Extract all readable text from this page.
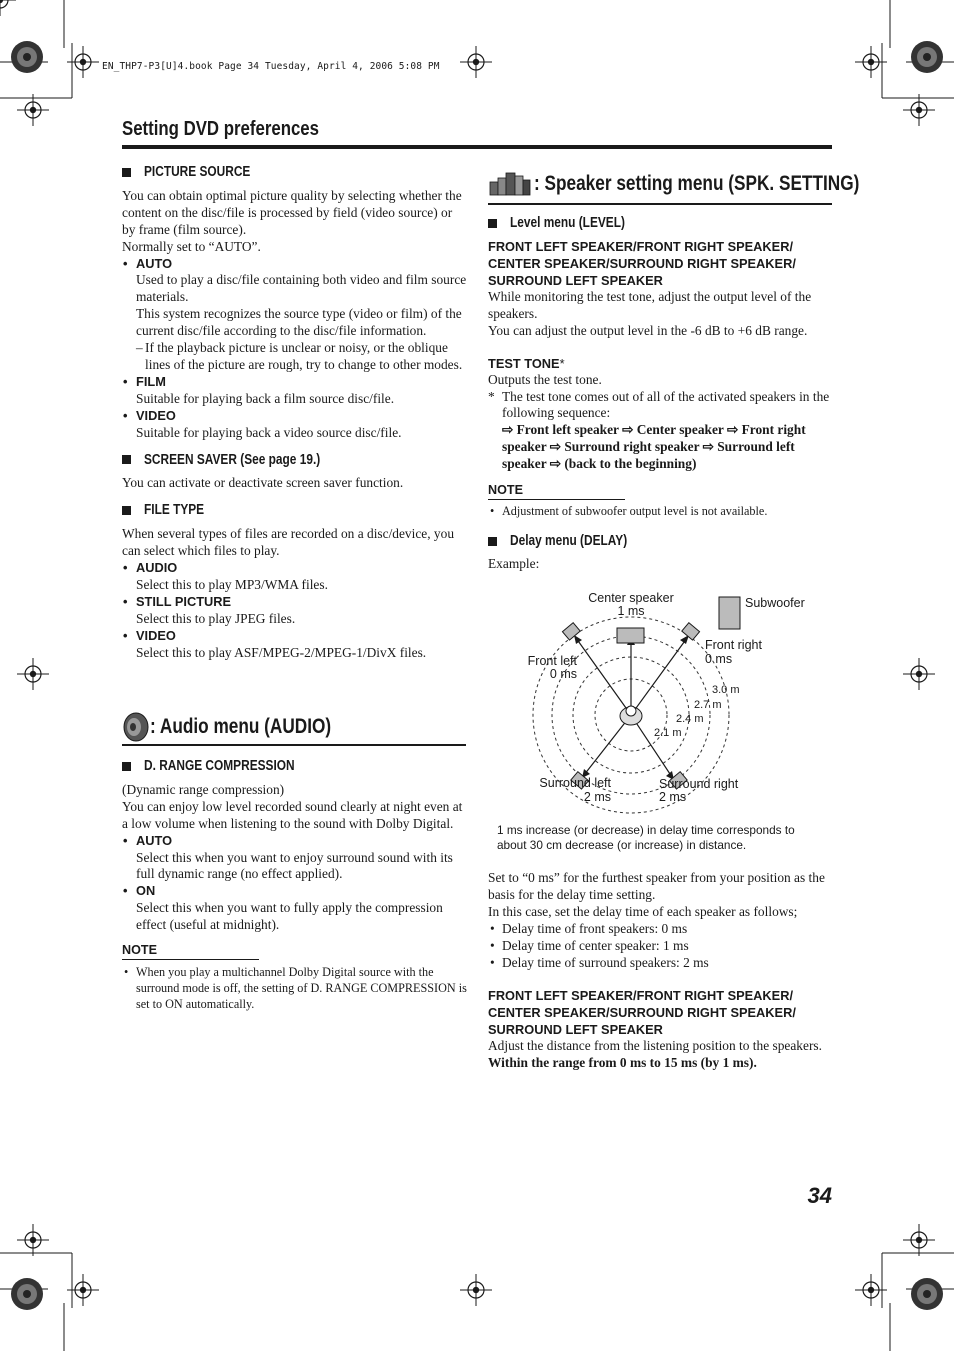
EN_THP7-P3[U]4.book Page 34 Tuesday, April 4, 2006 5:08 PM
Setting DVD preferences
PICTURE SOURCE

You can obtain optimal picture quality by selecting whether the content on the disc/file is processed by field (video source) or by frame (film source).

Normally set to “AUTO”.

• AUTO

Used to play a disc/file containing both video and film source materials.

This system recognizes the source type (video or film) of the current disc/file according to the disc/file information.

– If the playback picture is unclear or noisy, or the oblique lines of the picture are rough, try to change to other modes.

• FILM

Suitable for playing back a film source disc/file.

• VIDEO

Suitable for playing back a video source disc/file.

SCREEN SAVER (See page 19.)

You can activate or deactivate screen saver function.

FILE TYPE

When several types of files are recorded on a disc/device, you can select which files to play.

• AUDIO

Select this to play MP3/WMA files.

• STILL PICTURE

Select this to play JPEG files.

• VIDEO

Select this to play ASF/MPEG-2/MPEG-1/DivX files.

: Audio menu (AUDIO)
D. RANGE COMPRESSION

(Dynamic range compression)

You can enjoy low level recorded sound clearly at night even at a low volume when listening to the sound with Dolby Digital.

• AUTO

Select this when you want to enjoy surround sound with its full dynamic range (no effect applied).

• ON

Select this when you want to fully apply the compression effect (useful at midnight).

NOTE

• When you play a multichannel Dolby Digital source with the surround mode is off, the setting of D. RANGE COMPRESSION is set to ON automatically.

: Speaker setting menu (SPK. SETTING)
Level menu (LEVEL)

FRONT LEFT SPEAKER/FRONT RIGHT SPEAKER/

CENTER SPEAKER/SURROUND RIGHT SPEAKER/

SURROUND LEFT SPEAKER

While monitoring the test tone, adjust the output level of the speakers.

You can adjust the output level in the -6 dB to +6 dB range.

TEST TONE*

Outputs the test tone.

* The test tone comes out of all of the activated speakers in the following sequence:

⇨ Front left speaker ⇨ Center speaker ⇨ Front right speaker ⇨ Surround right speaker ⇨ Surround left speaker ⇨ (back to the beginning)

NOTE

• Adjustment of subwoofer output level is not available.

Delay menu (DELAY)

Example:

Center speaker
1 ms
Subwoofer
Front left
0 ms
Front right
0 ms
Surround left
2 ms
Surround right
2 ms
3.0 m
2.7 m
2.4 m
2.1 m
1 ms increase (or decrease) in delay time corresponds to about 30 cm decrease (or increase) in distance.

Set to “0 ms” for the furthest speaker from your position as the basis for the delay time setting.

In this case, set the delay time of each speaker as follows;

• Delay time of front speakers: 0 ms

• Delay time of center speaker: 1 ms

• Delay time of surround speakers: 2 ms

FRONT LEFT SPEAKER/FRONT RIGHT SPEAKER/

CENTER SPEAKER/SURROUND RIGHT SPEAKER/

SURROUND LEFT SPEAKER

Adjust the distance from the listening position to the speakers.

Within the range from 0 ms to 15 ms (by 1 ms).

34
